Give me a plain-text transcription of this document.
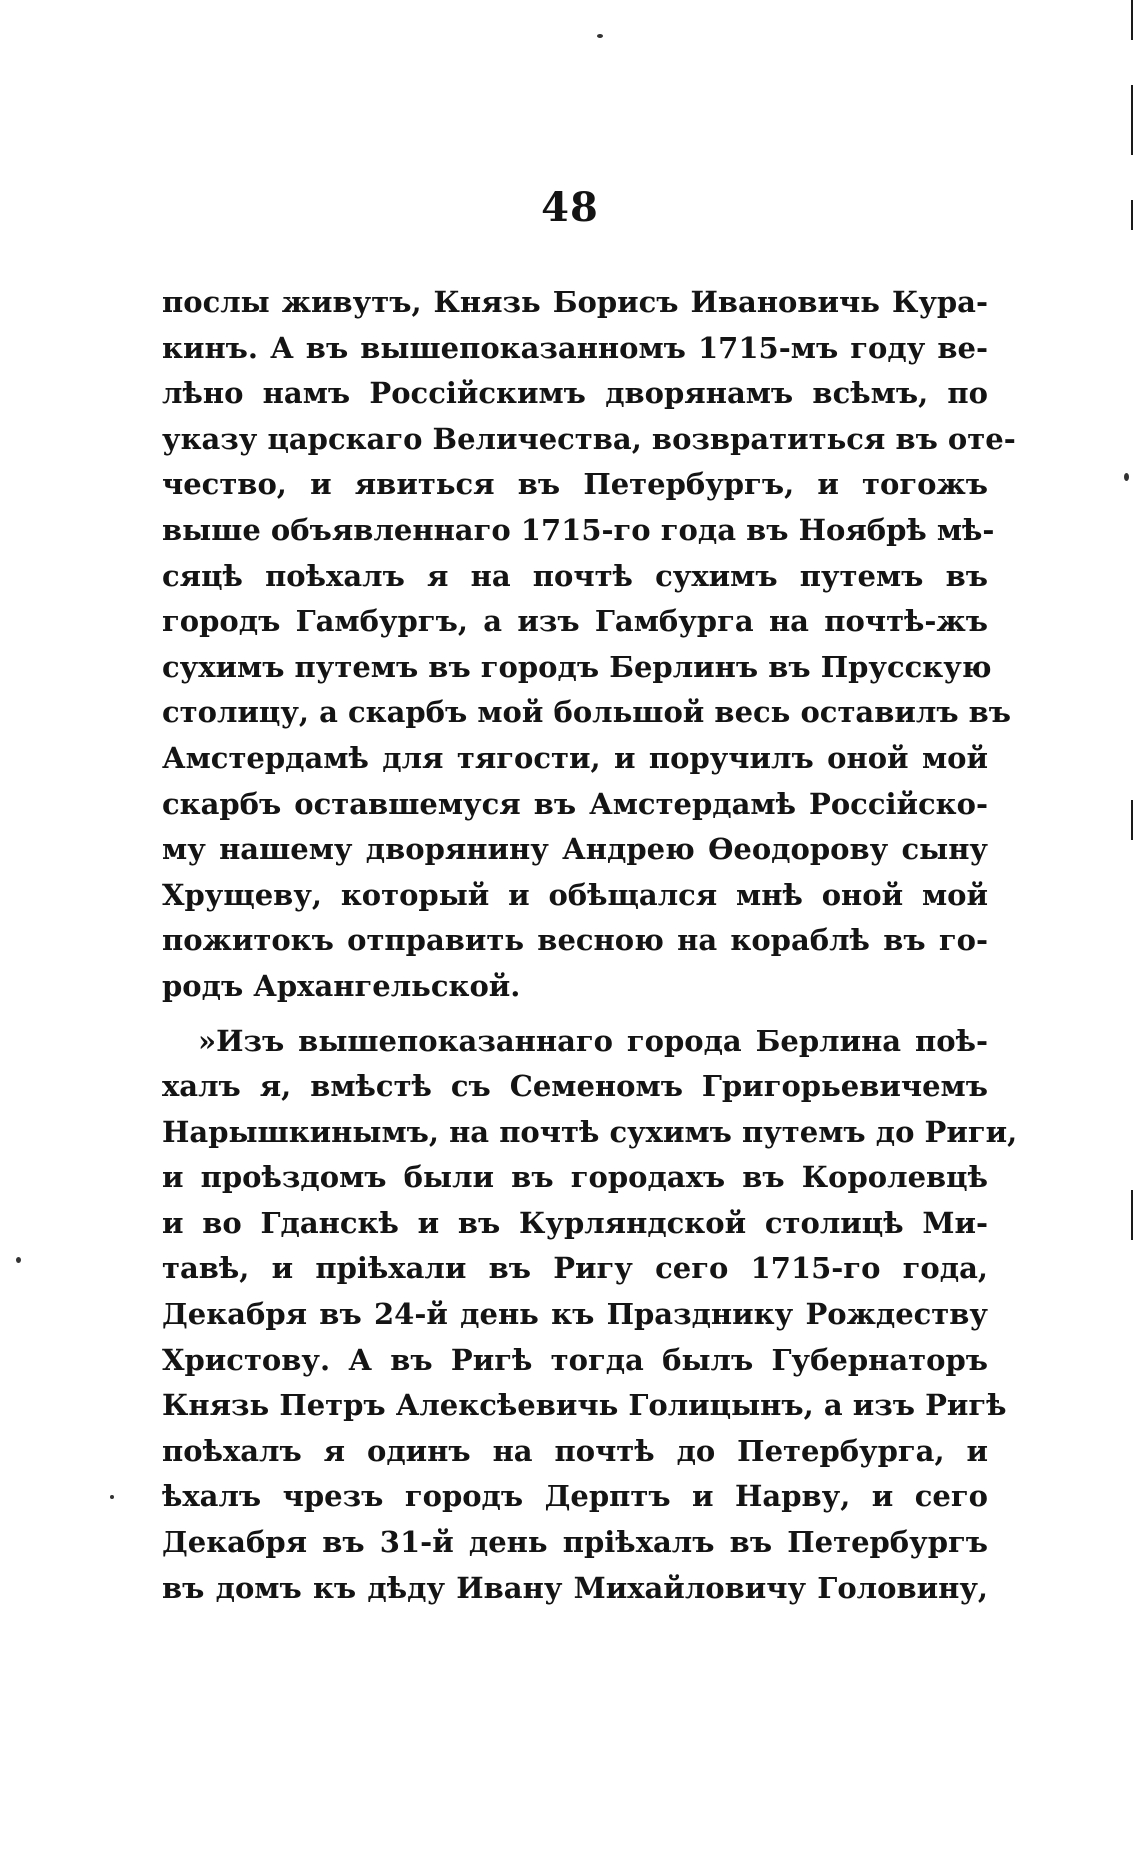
48
послы живутъ, Князь Борисъ Ивановичь Кура-
кинъ. А въ вышепоказанномъ 1715-мъ году ве-
лѣно намъ Россійскимъ дворянамъ всѣмъ, по
указу царскаго Величества, возвратиться въ оте-
чество, и явиться въ Петербургъ, и тогожъ
выше объявленнаго 1715-го года въ Ноябрѣ мѣ-
сяцѣ поѣхалъ я на почтѣ сухимъ путемъ въ
городъ Гамбургъ, а изъ Гамбурга на почтѣ-жъ
сухимъ путемъ въ городъ Берлинъ въ Прусскую
столицу, а скарбъ мой большой весь оставилъ въ
Амстердамѣ для тягости, и поручилъ оной мой
скарбъ оставшемуся въ Амстердамѣ Россійско-
му нашему дворянину Андрею Ѳеодорову сыну
Хрущеву, который и обѣщался мнѣ оной мой
пожитокъ отправить весною на кораблѣ въ го-
родъ Архангельской.
»Изъ вышепоказаннаго города Берлина поѣ-
халъ я, вмѣстѣ съ Семеномъ Григорьевичемъ
Нарышкинымъ, на почтѣ сухимъ путемъ до Риги,
и проѣздомъ были въ городахъ въ Королевцѣ
и во Гданскѣ и въ Курляндской столицѣ Ми-
тавѣ, и пріѣхали въ Ригу сего 1715-го года,
Декабря въ 24-й день къ Празднику Рождеству
Христову. А въ Ригѣ тогда былъ Губернаторъ
Князь Петръ Алексѣевичь Голицынъ, а изъ Ригѣ
поѣхалъ я одинъ на почтѣ до Петербурга, и
ѣхалъ чрезъ городъ Дерптъ и Нарву, и сего
Декабря въ 31-й день пріѣхалъ въ Петербургъ
въ домъ къ дѣду Ивану Михайловичу Головину,
